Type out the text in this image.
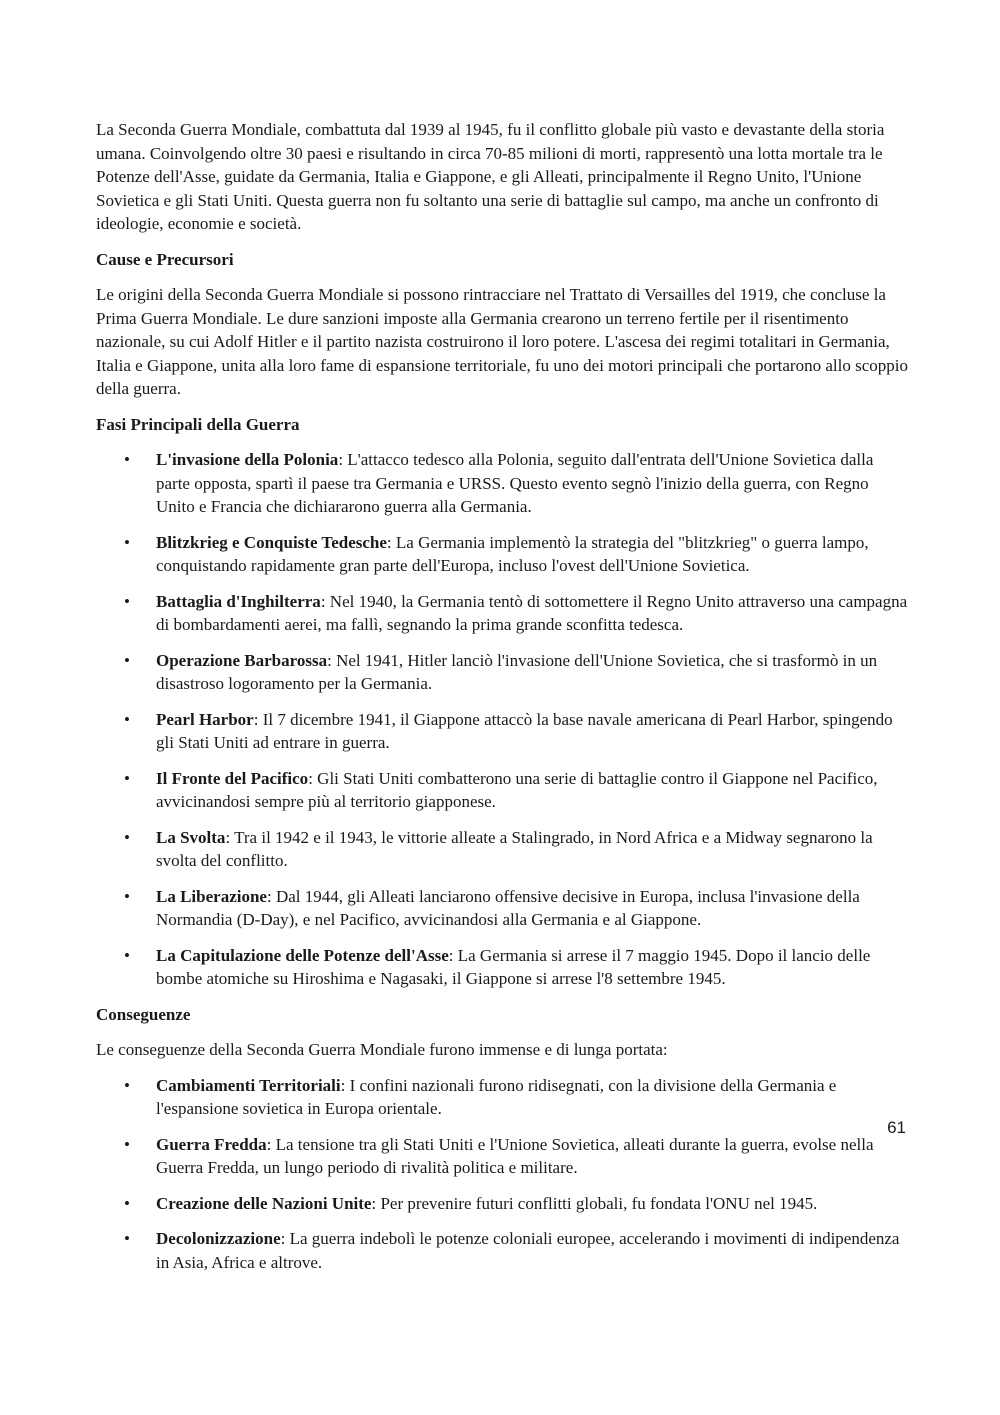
La Seconda Guerra Mondiale, combattuta dal 1939 al 1945, fu il conflitto globale più vasto e devastante della storia umana. Coinvolgendo oltre 30 paesi e risultando in circa 70-85 milioni di morti, rappresentò una lotta mortale tra le Potenze dell'Asse, guidate da Germania, Italia e Giappone, e gli Alleati, principalmente il Regno Unito, l'Unione Sovietica e gli Stati Uniti. Questa guerra non fu soltanto una serie di battaglie sul campo, ma anche un confronto di ideologie, economie e società.

Cause e Precursori

Le origini della Seconda Guerra Mondiale si possono rintracciare nel Trattato di Versailles del 1919, che concluse la Prima Guerra Mondiale. Le dure sanzioni imposte alla Germania crearono un terreno fertile per il risentimento nazionale, su cui Adolf Hitler e il partito nazista costruirono il loro potere. L'ascesa dei regimi totalitari in Germania, Italia e Giappone, unita alla loro fame di espansione territoriale, fu uno dei motori principali che portarono allo scoppio della guerra.

Fasi Principali della Guerra
• L'invasione della Polonia: L'attacco tedesco alla Polonia, seguito dall'entrata dell'Unione Sovietica dalla parte opposta, spartì il paese tra Germania e URSS. Questo evento segnò l'inizio della guerra, con Regno Unito e Francia che dichiararono guerra alla Germania.
• Blitzkrieg e Conquiste Tedesche: La Germania implementò la strategia del "blitzkrieg" o guerra lampo, conquistando rapidamente gran parte dell'Europa, incluso l'ovest dell'Unione Sovietica.
• Battaglia d'Inghilterra: Nel 1940, la Germania tentò di sottomettere il Regno Unito attraverso una campagna di bombardamenti aerei, ma fallì, segnando la prima grande sconfitta tedesca.
• Operazione Barbarossa: Nel 1941, Hitler lanciò l'invasione dell'Unione Sovietica, che si trasformò in un disastroso logoramento per la Germania.
• Pearl Harbor: Il 7 dicembre 1941, il Giappone attaccò la base navale americana di Pearl Harbor, spingendo gli Stati Uniti ad entrare in guerra.
• Il Fronte del Pacifico: Gli Stati Uniti combatterono una serie di battaglie contro il Giappone nel Pacifico, avvicinandosi sempre più al territorio giapponese.
• La Svolta: Tra il 1942 e il 1943, le vittorie alleate a Stalingrado, in Nord Africa e a Midway segnarono la svolta del conflitto.
• La Liberazione: Dal 1944, gli Alleati lanciarono offensive decisive in Europa, inclusa l'invasione della Normandia (D-Day), e nel Pacifico, avvicinandosi alla Germania e al Giappone.
• La Capitulazione delle Potenze dell'Asse: La Germania si arrese il 7 maggio 1945. Dopo il lancio delle bombe atomiche su Hiroshima e Nagasaki, il Giappone si arrese l'8 settembre 1945.
Conseguenze

Le conseguenze della Seconda Guerra Mondiale furono immense e di lunga portata:

• Cambiamenti Territoriali: I confini nazionali furono ridisegnati, con la divisione della Germania e l'espansione sovietica in Europa orientale.
• Guerra Fredda: La tensione tra gli Stati Uniti e l'Unione Sovietica, alleati durante la guerra, evolse nella Guerra Fredda, un lungo periodo di rivalità politica e militare.
• Creazione delle Nazioni Unite: Per prevenire futuri conflitti globali, fu fondata l'ONU nel 1945.
• Decolonizzazione: La guerra indebolì le potenze coloniali europee, accelerando i movimenti di indipendenza in Asia, Africa e altrove.
61
